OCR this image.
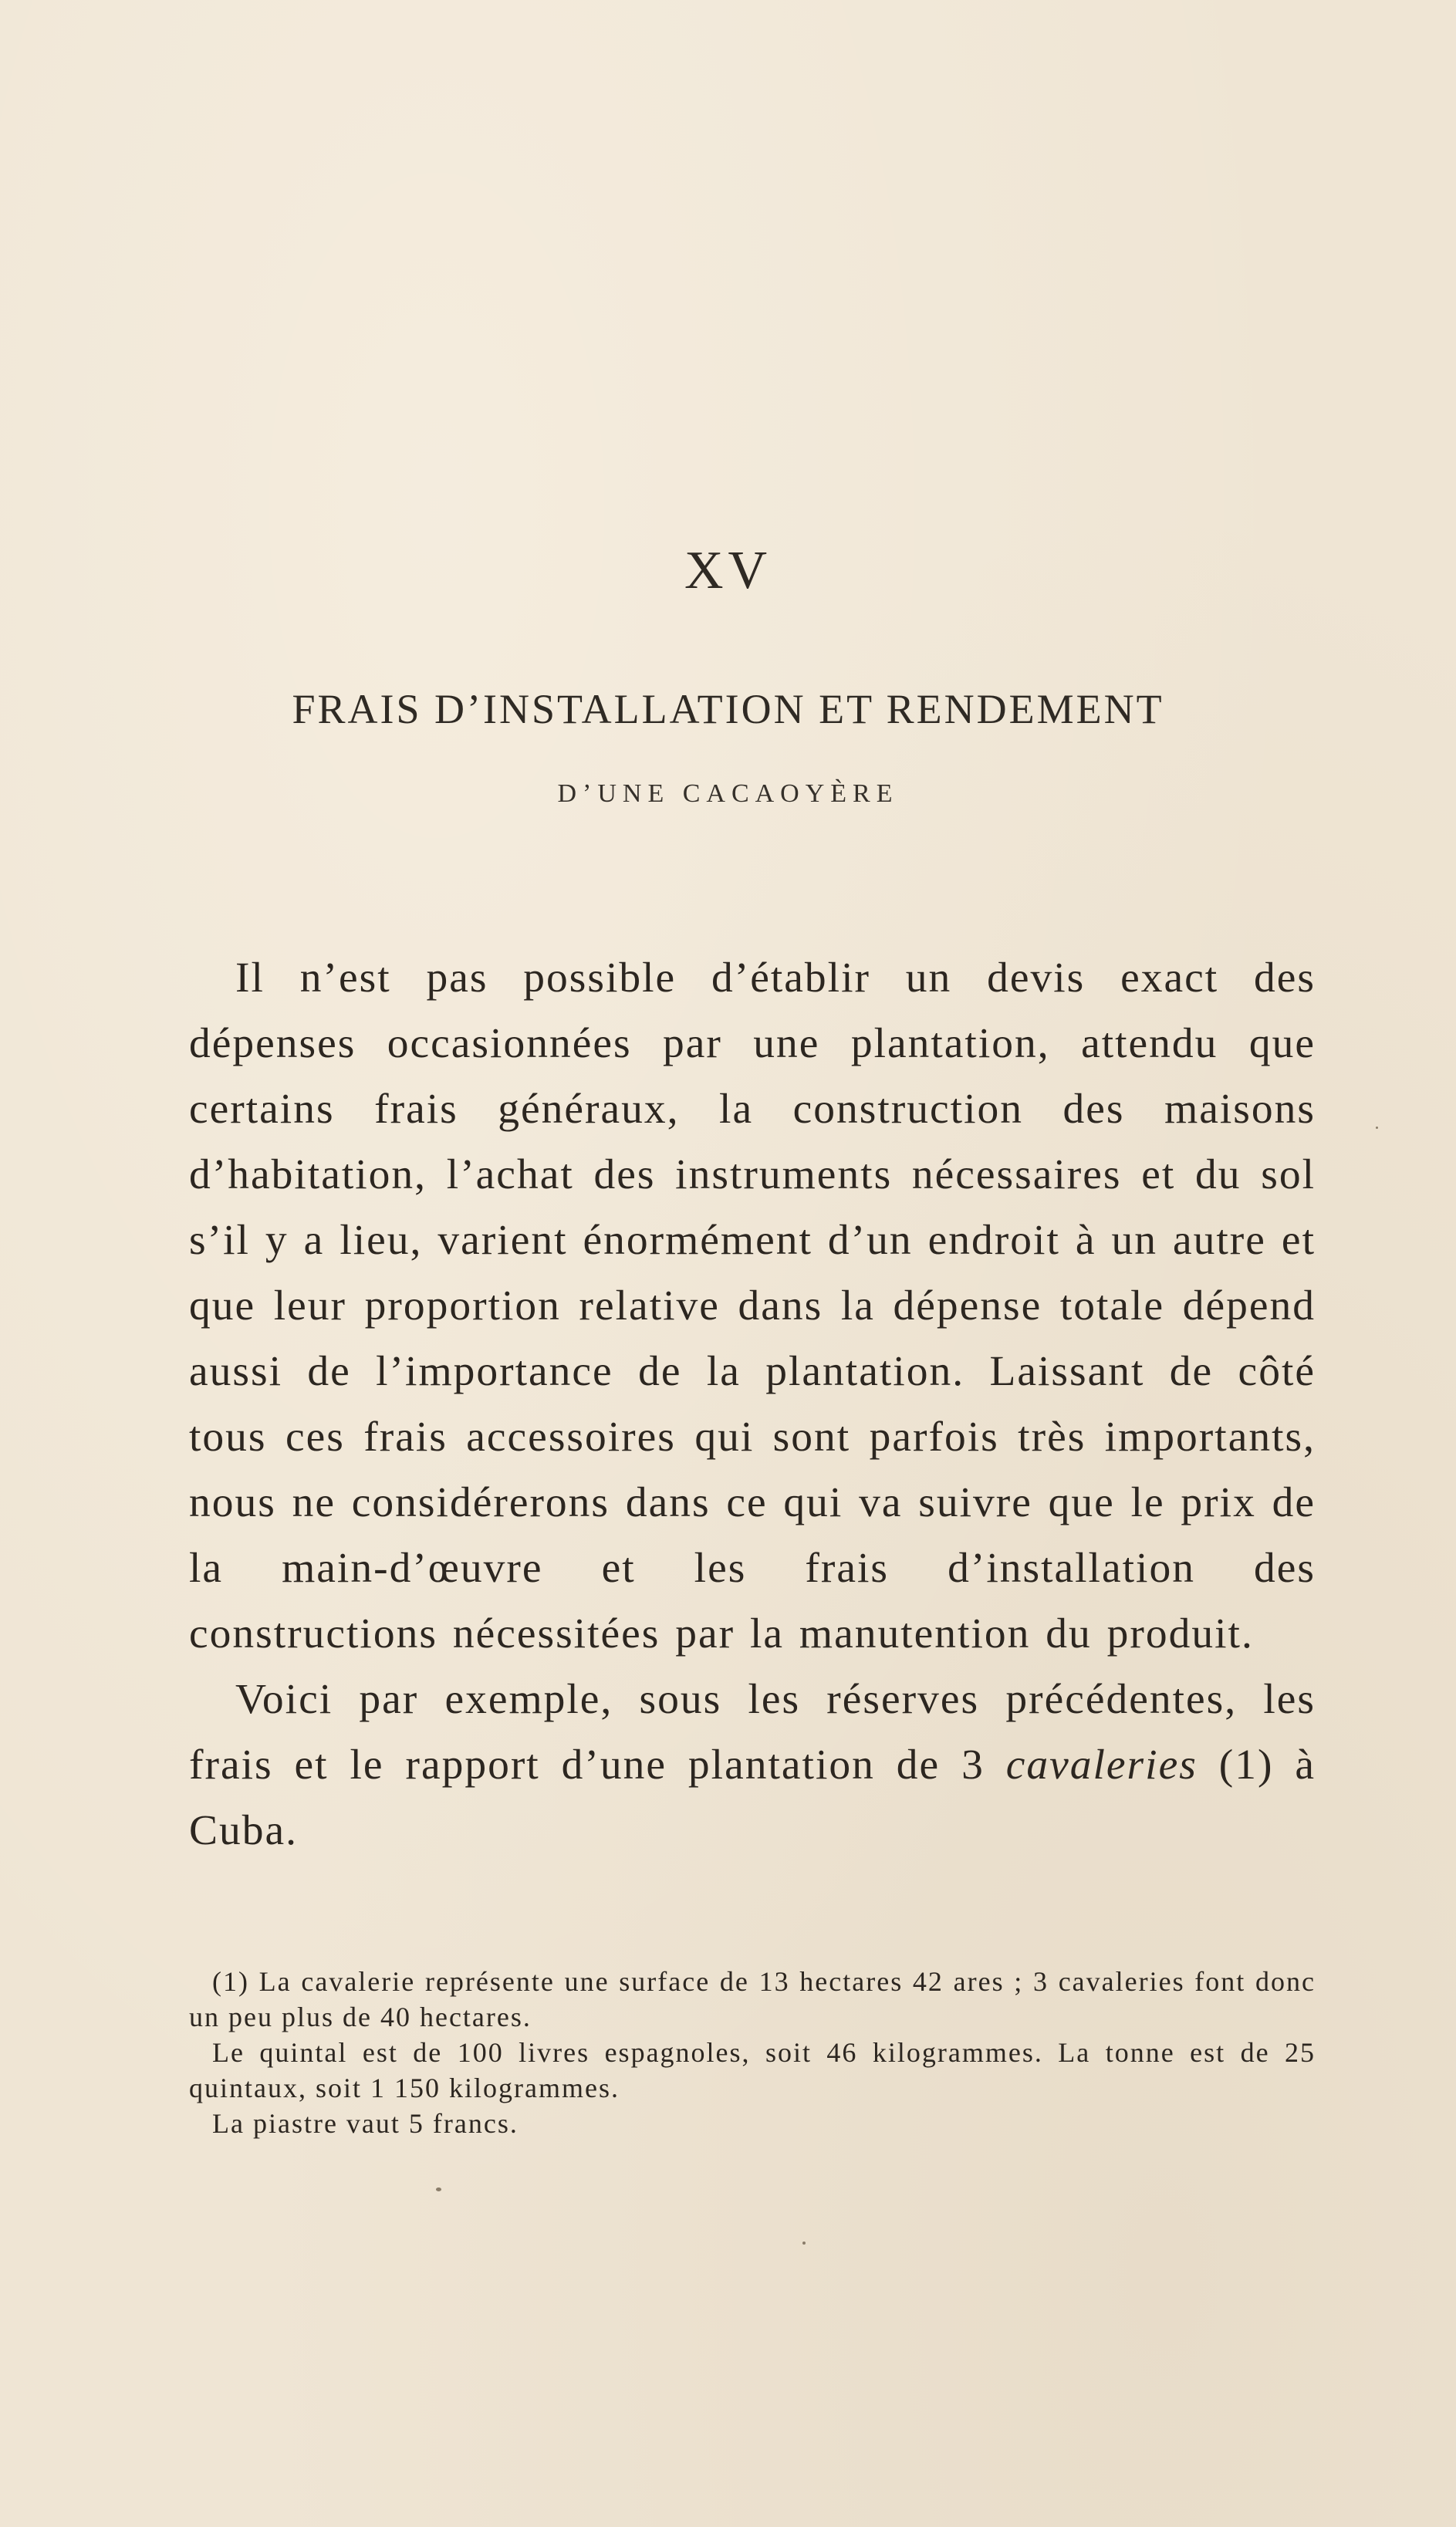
XV
FRAIS D’INSTALLATION ET RENDEMENT
D’UNE CACAOYÈRE

Il n’est pas possible d’établir un devis exact des dépenses occasionnées par une plantation, attendu que certains frais généraux, la construction des maisons d’habitation, l’achat des instruments nécessaires et du sol s’il y a lieu, varient énormément d’un endroit à un autre et que leur proportion relative dans la dépense totale dépend aussi de l’importance de la plantation. Laissant de côté tous ces frais accessoires qui sont parfois très importants, nous ne considérerons dans ce qui va suivre que le prix de la main-d’œuvre et les frais d’installation des constructions nécessitées par la manutention du produit.

Voici par exemple, sous les réserves précédentes, les frais et le rapport d’une plantation de 3 cavaleries (1) à Cuba.

(1) La cavalerie représente une surface de 13 hectares 42 ares ; 3 cavaleries font donc un peu plus de 40 hectares.

Le quintal est de 100 livres espagnoles, soit 46 kilogrammes. La tonne est de 25 quintaux, soit 1 150 kilogrammes.

La piastre vaut 5 francs.
